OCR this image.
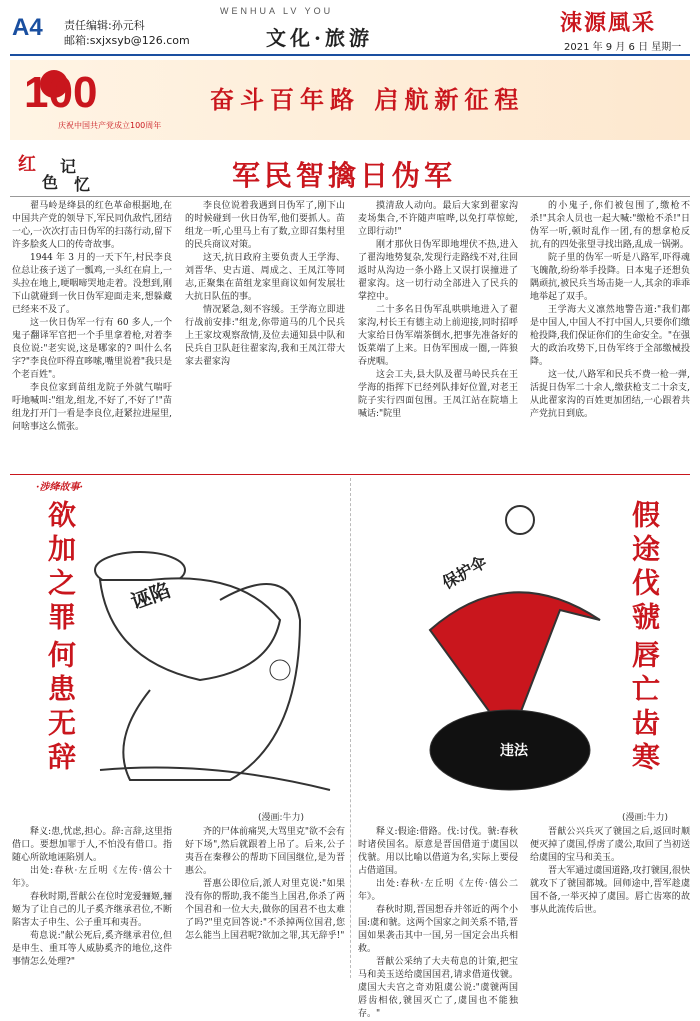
A4 责任编辑:孙元科
邮箱:sxjxsyb@126.com
WENHUA LV YOU
文化·旅游
涑源風采
2021 年 9 月 6 日 星期一
100
庆祝中国共产党成立100周年
奋斗百年路 启航新征程
红 记
色 忆	军民智擒日伪军

翟马岭是绛县的红色革命根据地,在中国共产党的领导下,军民同仇敌忾,团结一心,一次次打击日伪军的扫荡行动,留下许多脍炙人口的传奇故事。

1944 年 3 月的一天下午,村民李良位总让孩子送了一瓢鸡,一头红在肩上,一头拉在地上,哽咽啼哭地走着。没想到,刚下山就碰到一伙日伪军迎面走来,想躲藏已经来不及了。

这一伙日伪军一行有 60 多人,一个鬼子翻译军官把一个手里拿着枪,对着李良位说:"老实说,这是哪家的? 叫什么名字?"李良位吓得直哆嗦,嘴里说着"我只是个老百姓"。

李良位家到苗组龙院子外就气喘吁吁地喊叫:"组龙,组龙,不好了,不好了!"苗组龙打开门一看是李良位,赶紧拉进屋里,问啥事这么慌张。

李良位说着我遇到日伪军了,刚下山的时候碰到一伙日伪军,他们要抓人。苗组龙一听,心里马上有了数,立即召集村里的民兵商议对策。

这天,抗日政府主要负责人王学海、刘晋华、史古道、周成之、王凤江等同志,正聚集在苗组龙家里商议如何发展壮大抗日队伍的事。

情况紧急,刻不容缓。王学海立即进行战前安排:"组龙,你带道马的几个民兵上王家坟观察敌情,及位去通知县中队和民兵自卫队赶往翟家沟,我和王凤江带大家去翟家沟

摸清敌人动向。最后大家到翟家沟麦场集合,不许随声喧哗,以免打草惊蛇,立即行动!"

刚才那伙日伪军即地埋伏不热,进入了翟沟地势复杂,发现行走路线不对,往回返时从沟边一条小路上又误打误撞进了翟家沟。这一切行动全部进入了民兵的掌控中。

二十多名日伪军乱哄哄地进入了翟家沟,村长王有德主动上前迎接,同时招呼大家给日伪军端茶倒水,把事先准备好的饭菜端了上来。日伪军围成一圈,一阵狼吞虎咽。

这会工夫,县大队及翟马岭民兵在王学海的指挥下已经列队排好位置,对老王院子实行四面包围。王凤江站在院墙上喊话:"院里

的小鬼子,你们被包围了,缴枪不杀!"其余人员也一起大喊:"缴枪不杀!"日伪军一听,顿时乱作一团,有的想拿枪反抗,有的四处张望寻找出路,乱成一锅粥。

院子里的伪军一听是八路军,吓得魂飞魄散,纷纷举手投降。日本鬼子还想负隅顽抗,被民兵当场击毙一人,其余的乖乖地举起了双手。

王学海大义凛然地警告道:"我们都是中国人,中国人不打中国人,只要你们缴枪投降,我们保证你们的生命安全。"在强大的政治攻势下,日伪军终于全部缴械投降。

这一仗,八路军和民兵不费一枪一弹,活捉日伪军二十余人,缴获枪支二十余支,从此翟家沟的百姓更加团结,一心跟着共产党抗日到底。

·涉绛故事·
欲加之罪
何患无辞
诬陷
(漫画:牛力)
假途伐虢
唇亡齿寒
保护伞
违法
(漫画:牛力)

释义:患,忧虑,担心。辞:言辞,这里指借口。要想加罪于人,不怕没有借口。指随心所欲地诬陷别人。

出处:春秋·左丘明《左传·僖公十年》。

春秋时期,晋献公在位时宠爱骊姬,骊姬为了让自己的儿子奚齐继承君位,不断陷害太子申生、公子重耳和夷吾。

荀息说:"献公死后,奚齐继承君位,但是申生、重耳等人威胁奚齐的地位,这件事情怎么处理?"

齐的尸体前痛哭,大骂里克"欲不会有好下场",然后就跟着上吊了。后来,公子夷吾在秦穆公的帮助下回国继位,是为晋惠公。

晋惠公即位后,派人对里克说:"如果没有你的帮助,我不能当上国君,你杀了两个国君和一位大夫,做你的国君不也太难了吗?"里克回答说:"不杀掉两位国君,您怎么能当上国君呢?欲加之罪,其无辞乎!"

释义:假途:借路。伐:讨伐。虢:春秋时诸侯国名。原意是晋国借道于虞国以伐虢。用以比喻以借道为名,实际上要侵占借道国。

出处:春秋·左丘明《左传·僖公二年》。

春秋时期,晋国想吞并邻近的两个小国:虞和虢。这两个国家之间关系不错,晋国如果袭击其中一国,另一国定会出兵相救。

晋献公采纳了大夫荀息的计策,把宝马和美玉送给虞国国君,请求借道伐虢。虞国大夫宫之奇劝阻虞公说:"虞虢两国唇齿相依,虢国灭亡了,虞国也不能独存。"

晋献公兴兵灭了虢国之后,返回时顺便灭掉了虞国,俘虏了虞公,取回了当初送给虞国的宝马和美玉。

晋大军通过虞国道路,攻打虢国,很快就攻下了虢国都城。回师途中,晋军趁虞国不备,一举灭掉了虞国。唇亡齿寒的故事从此流传后世。
